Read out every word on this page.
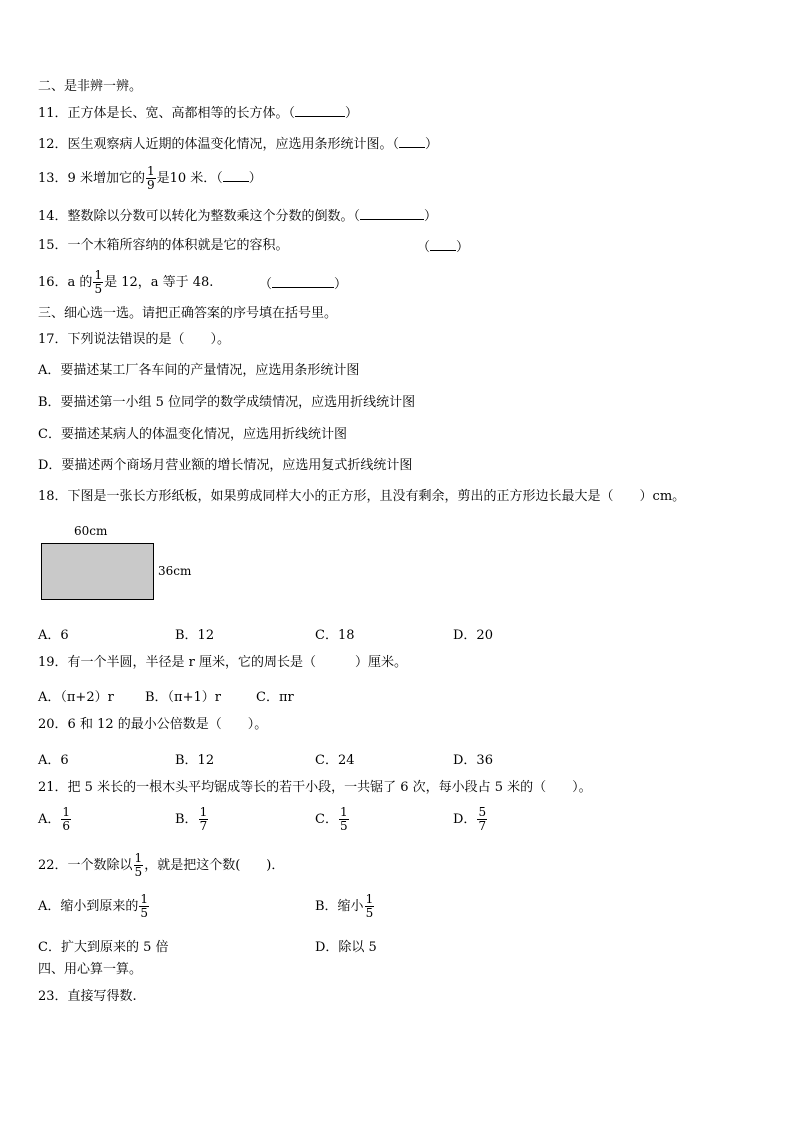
二、是非辨一辨。
11．正方体是长、宽、高都相等的长方体。（	）
12．医生观察病人近期的体温变化情况，应选用条形统计图。（ ）
13．9 米增加它的 $\frac{1}{9}$ 是10 米．（ ）
14．整数除以分数可以转化为整数乘这个分数的倒数。（	）
15．一个木箱所容纳的体积就是它的容积。	（ ）
16．a 的 $\frac{1}{5}$ 是 12，a 等于 48.	（	）
三、细心选一选。请把正确答案的序号填在括号里。
17．下列说法错误的是（　　）。
A．要描述某工厂各车间的产量情况，应选用条形统计图
B．要描述第一小组 5 位同学的数学成绩情况，应选用折线统计图
C．要描述某病人的体温变化情况，应选用折线统计图
D．要描述两个商场月营业额的增长情况，应选用复式折线统计图
18．下图是一张长方形纸板，如果剪成同样大小的正方形，且没有剩余，剪出的正方形边长最大是（　　）cm。
60cm
36cm
A．6	B．12	C．18	D．20
19．有一个半圆，半径是 r 厘米，它的周长是（　　　）厘米。
A．（π+2）r B．（π+1）r	C．πr
20．6 和 12 的最小公倍数是（　　）。
A．6	B．12	C．24	D．36
21．把 5 米长的一根木头平均锯成等长的若干小段，一共锯了 6 次，每小段占 5 米的（　　）。
A． $\frac{1}{6}$	B． $\frac{1}{7}$	C． $\frac{1}{5}$	D． $\frac{5}{7}$
22．一个数除以 $\frac{1}{5}$ ，就是把这个数(　　)．
A．缩小到原来的 $\frac{1}{5}$	B．缩小 $\frac{1}{5}$
C．扩大到原来的 5 倍	D．除以 5
四、用心算一算。
23．直接写得数.
